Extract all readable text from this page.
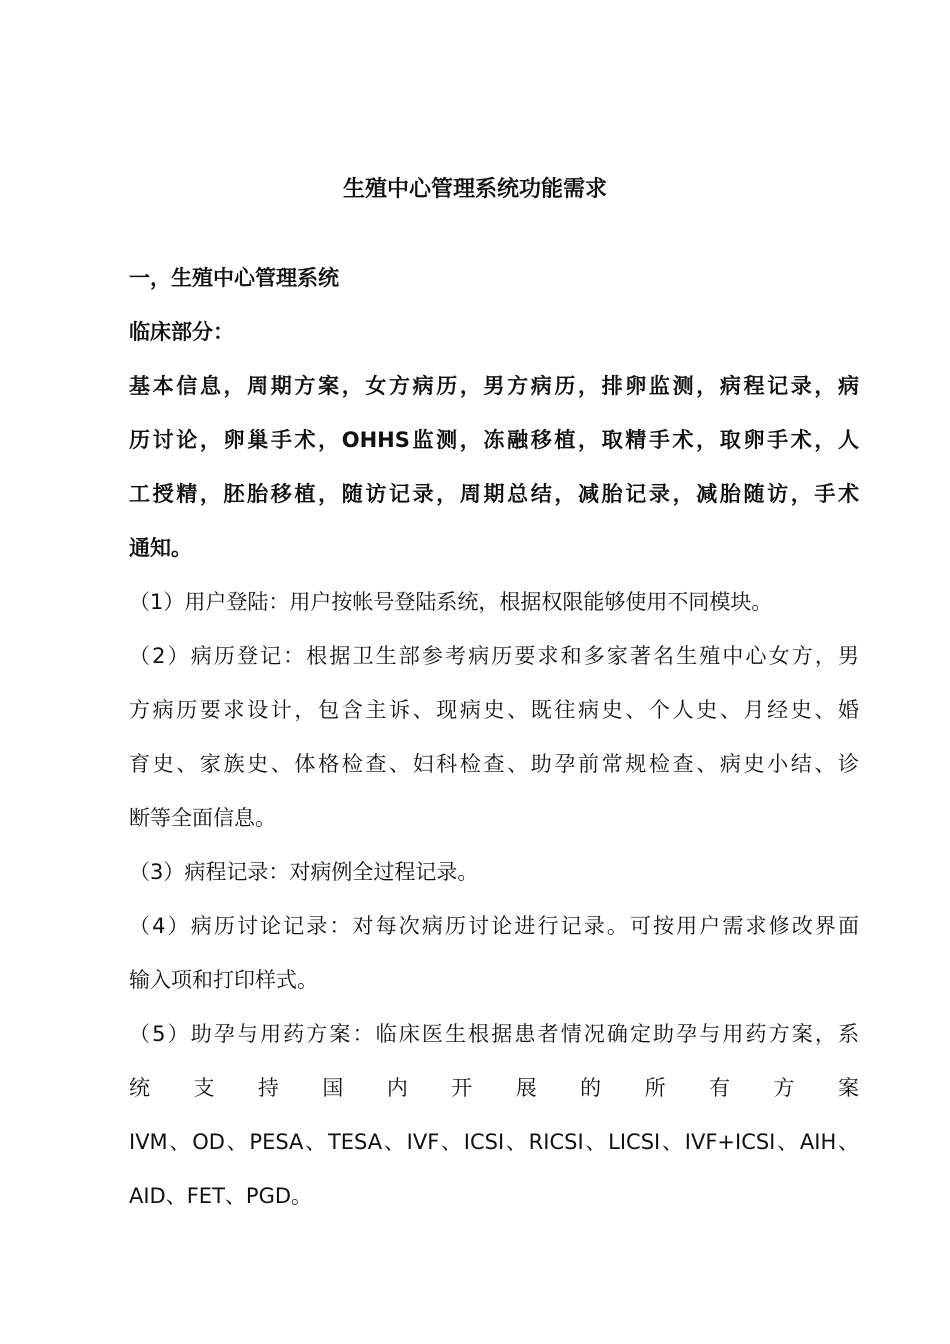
生殖中心管理系统功能需求
一，生殖中心管理系统
临床部分：
基本信息，周期方案，女方病历，男方病历，排卵监测，病程记录，病
历讨论，卵巢手术，OHHS监测，冻融移植，取精手术，取卵手术，人
工授精，胚胎移植，随访记录，周期总结，减胎记录，减胎随访，手术
通知。
（1）用户登陆：用户按帐号登陆系统，根据权限能够使用不同模块。
（2）病历登记：根据卫生部参考病历要求和多家著名生殖中心女方，男
方病历要求设计，包含主诉、现病史、既往病史、个人史、月经史、婚
育史、家族史、体格检查、妇科检查、助孕前常规检查、病史小结、诊
断等全面信息。
（3）病程记录：对病例全过程记录。
（4）病历讨论记录：对每次病历讨论进行记录。可按用户需求修改界面
输入项和打印样式。
（5）助孕与用药方案：临床医生根据患者情况确定助孕与用药方案，系
统 支 持 国 内 开 展 的 所 有 方 案
IVM、OD、PESA、TESA、IVF、ICSI、RICSI、LICSI、IVF+ICSI、AIH、
AID、FET、PGD。
